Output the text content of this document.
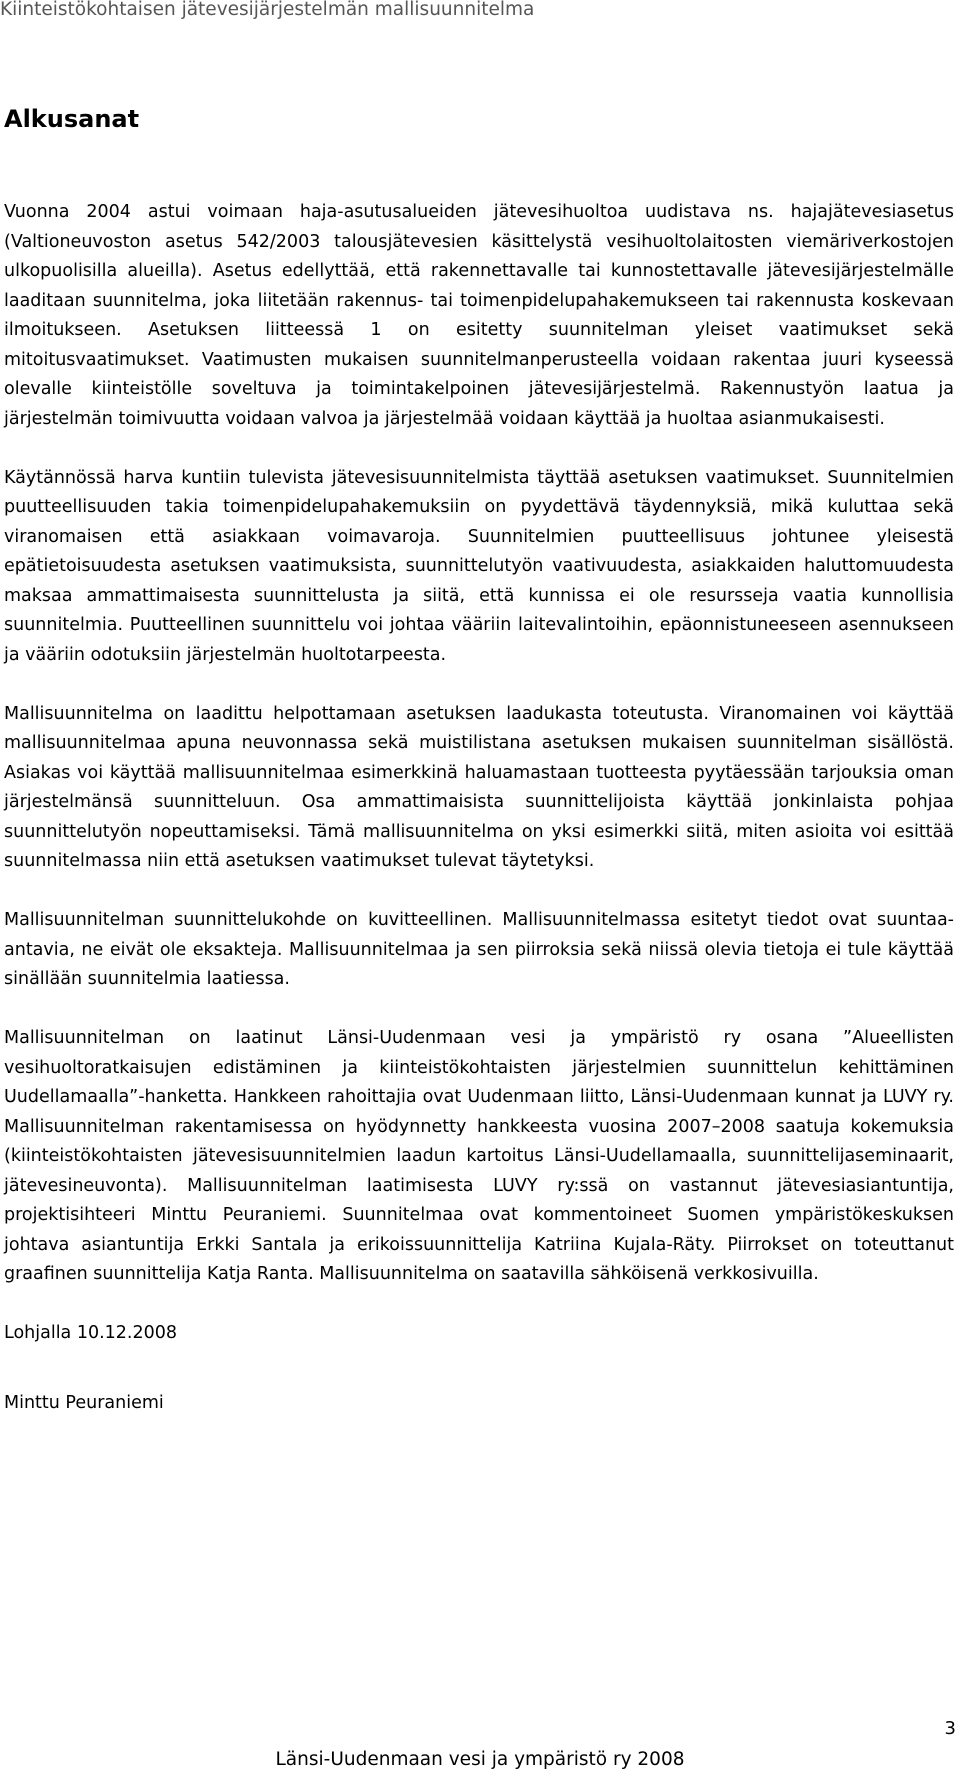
Kiinteistökohtaisen jätevesijärjestelmän mallisuunnitelma
Alkusanat

Vuonna 2004 astui voimaan haja-asutusalueiden jätevesihuoltoa uudistava ns. hajajätevesiasetus (Valtioneuvoston asetus 542/2003 talousjätevesien käsittelystä vesihuoltolaitosten viemäriverkostojen ulkopuolisilla alueilla). Asetus edellyttää, että rakennettavalle tai kunnostettavalle jätevesijärjestelmälle laaditaan suunnitelma, joka liitetään rakennus- tai toimenpidelupahakemukseen tai rakennusta koskevaan ilmoitukseen. Asetuksen liitteessä 1 on esitetty suunnitelman yleiset vaatimukset sekä mitoitusvaatimukset. Vaatimusten mukaisen suunnitelmanperusteella voidaan rakentaa juuri kyseessä olevalle kiinteistölle soveltuva ja toimintakelpoinen jätevesijärjestelmä. Rakennustyön laatua ja järjestelmän toimivuutta voidaan valvoa ja järjestelmää voidaan käyttää ja huoltaa asianmukaisesti.

Käytännössä harva kuntiin tulevista jätevesisuunnitelmista täyttää asetuksen vaatimukset. Suunnitelmien puutteellisuuden takia toimenpidelupahakemuksiin on pyydettävä täydennyksiä, mikä kuluttaa sekä viranomaisen että asiakkaan voimavaroja. Suunnitelmien puutteellisuus johtunee yleisestä epätietoisuudesta asetuksen vaatimuksista, suunnittelutyön vaativuudesta, asiakkaiden haluttomuudesta maksaa ammattimaisesta suunnittelusta ja siitä, että kunnissa ei ole resursseja vaatia kunnollisia suunnitelmia. Puutteellinen suunnittelu voi johtaa vääriin laitevalintoihin, epäonnistuneeseen asennukseen ja vääriin odotuksiin järjestelmän huoltotarpeesta.

Mallisuunnitelma on laadittu helpottamaan asetuksen laadukasta toteutusta. Viranomainen voi käyttää mallisuunnitelmaa apuna neuvonnassa sekä muistilistana asetuksen mukaisen suunnitelman sisällöstä. Asiakas voi käyttää mallisuunnitelmaa esimerkkinä haluamastaan tuotteesta pyytäessään tarjouksia oman järjestelmänsä suunnitteluun. Osa ammattimaisista suunnittelijoista käyttää jonkinlaista pohjaa suunnittelutyön nopeuttamiseksi. Tämä mallisuunnitelma on yksi esimerkki siitä, miten asioita voi esittää suunnitelmassa niin että asetuksen vaatimukset tulevat täytetyksi.

Mallisuunnitelman suunnittelukohde on kuvitteellinen. Mallisuunnitelmassa esitetyt tiedot ovat suuntaa-antavia, ne eivät ole eksakteja. Mallisuunnitelmaa ja sen piirroksia sekä niissä olevia tietoja ei tule käyttää sinällään suunnitelmia laatiessa.

Mallisuunnitelman on laatinut Länsi-Uudenmaan vesi ja ympäristö ry osana ”Alueellisten vesihuoltoratkaisujen edistäminen ja kiinteistökohtaisten järjestelmien suunnittelun kehittäminen Uudellamaalla”-hanketta. Hankkeen rahoittajia ovat Uudenmaan liitto, Länsi-Uudenmaan kunnat ja LUVY ry. Mallisuunnitelman rakentamisessa on hyödynnetty hankkeesta vuosina 2007–2008 saatuja kokemuksia (kiinteistökohtaisten jätevesisuunnitelmien laadun kartoitus Länsi-Uudellamaalla, suunnittelijaseminaarit, jätevesineuvonta). Mallisuunnitelman laatimisesta LUVY ry:ssä on vastannut jätevesiasiantuntija, projektisihteeri Minttu Peuraniemi. Suunnitelmaa ovat kommentoineet Suomen ympäristökeskuksen johtava asiantuntija Erkki Santala ja erikoissuunnittelija Katriina Kujala-Räty. Piirrokset on toteuttanut graafinen suunnittelija Katja Ranta. Mallisuunnitelma on saatavilla sähköisenä verkkosivuilla.

Lohjalla 10.12.2008
Minttu Peuraniemi
3
Länsi-Uudenmaan vesi ja ympäristö ry 2008
